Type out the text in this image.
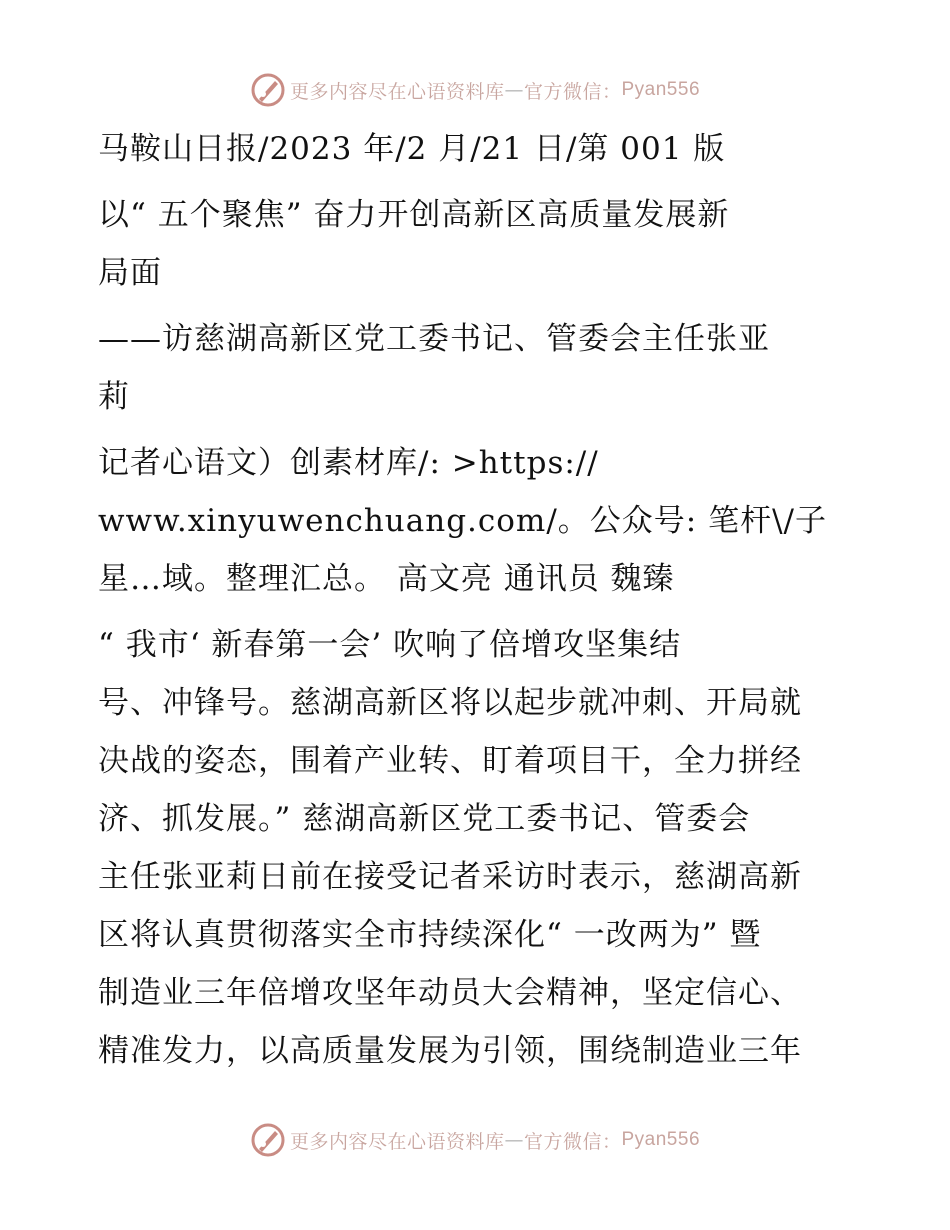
更多内容尽在心语资料库 — 官方微信： Pyan556
马鞍山日报/2023 年/2 月/21 日/第 001 版
以“ 五个聚焦” 奋力开创高新区高质量发展新
局面
——访慈湖高新区党工委书记、管委会主任张亚
莉
记者心语文）创素材库/: >https://
www.xinyuwenchuang.com/。公众号: 笔杆\/子
星…域。整理汇总。 高文亮 通讯员 魏臻
“ 我市‘ 新春第一会’ 吹响了倍增攻坚集结
号、冲锋号。慈湖高新区将以起步就冲刺、开局就
决战的姿态，围着产业转、盯着项目干，全力拼经
济、抓发展。” 慈湖高新区党工委书记、管委会
主任张亚莉日前在接受记者采访时表示，慈湖高新
区将认真贯彻落实全市持续深化“ 一改两为” 暨
制造业三年倍增攻坚年动员大会精神，坚定信心、
精准发力，以高质量发展为引领，围绕制造业三年
更多内容尽在心语资料库 — 官方微信： Pyan556
